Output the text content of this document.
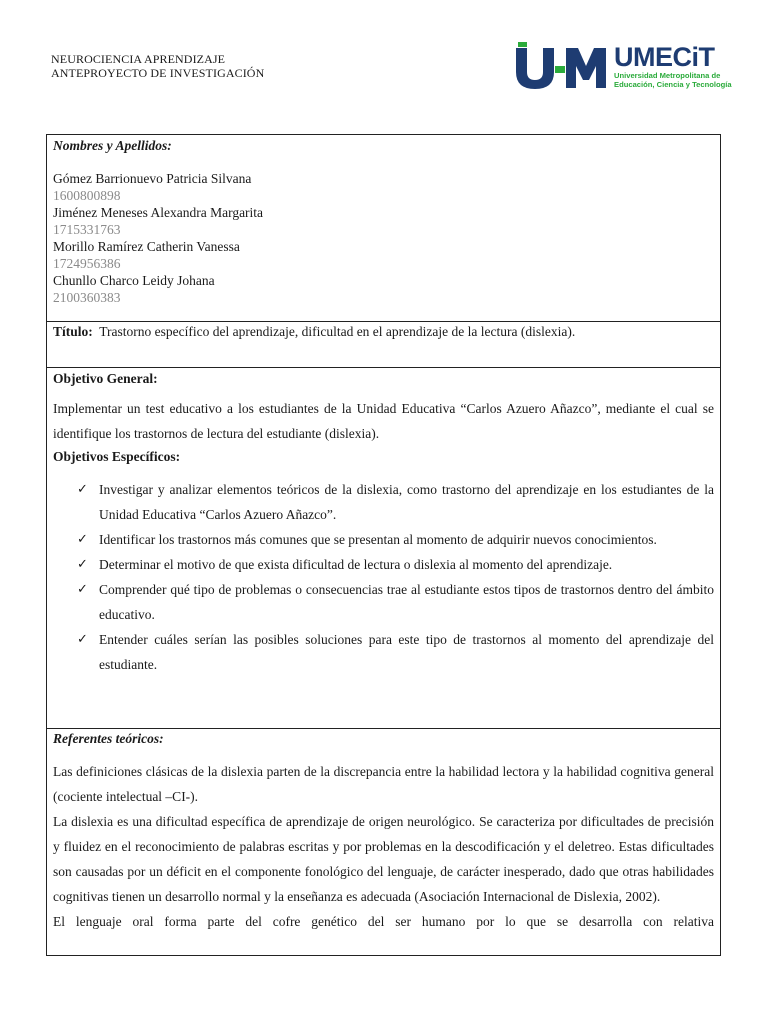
NEUROCIENCIA APRENDIZAJE
ANTEPROYECTO DE INVESTIGACIÓN
UMECiT
Universidad Metropolitana de
Educación, Ciencia y Tecnología
Nombres y Apellidos:
Gómez Barrionuevo Patricia Silvana
1600800898
Jiménez Meneses Alexandra Margarita
1715331763
Morillo Ramírez Catherin Vanessa
1724956386
Chunllo Charco Leidy Johana
2100360383

Título: Trastorno específico del aprendizaje, dificultad en el aprendizaje de la lectura (dislexia).

Objetivo General:

Implementar un test educativo a los estudiantes de la Unidad Educativa “Carlos Azuero Añazco”, mediante el cual se identifique los trastornos de lectura del estudiante (dislexia).

Objetivos Específicos:
✓ Investigar y analizar elementos teóricos de la dislexia, como trastorno del aprendizaje en los estudiantes de la Unidad Educativa “Carlos Azuero Añazco”.
✓ Identificar los trastornos más comunes que se presentan al momento de adquirir nuevos conocimientos.
✓ Determinar el motivo de que exista dificultad de lectura o dislexia al momento del aprendizaje.
✓ Comprender qué tipo de problemas o consecuencias trae al estudiante estos tipos de trastornos dentro del ámbito educativo.
✓ Entender cuáles serían las posibles soluciones para este tipo de trastornos al momento del aprendizaje del estudiante.

Referentes teóricos:

Las definiciones clásicas de la dislexia parten de la discrepancia entre la habilidad lectora y la habilidad cognitiva general (cociente intelectual –CI-).

La dislexia es una dificultad específica de aprendizaje de origen neurológico. Se caracteriza por dificultades de precisión y fluidez en el reconocimiento de palabras escritas y por problemas en la descodificación y el deletreo. Estas dificultades son causadas por un déficit en el componente fonológico del lenguaje, de carácter inesperado, dado que otras habilidades cognitivas tienen un desarrollo normal y la enseñanza es adecuada (Asociación Internacional de Dislexia, 2002).

El lenguaje oral forma parte del cofre genético del ser humano por lo que se desarrolla con relativa
